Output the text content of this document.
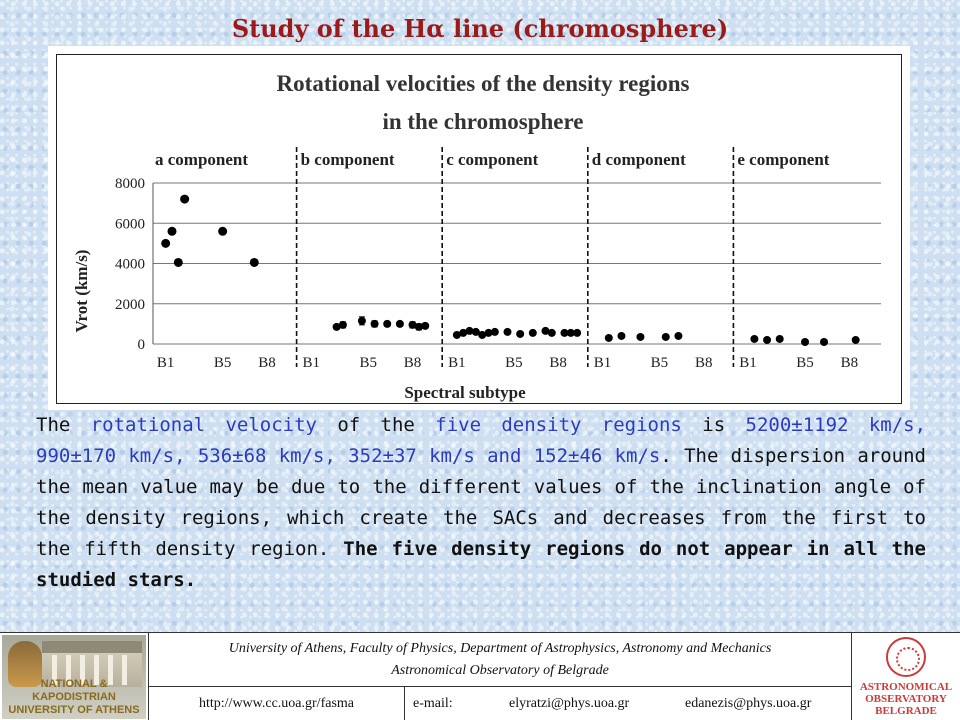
Study of the Hα line (chromosphere)
Rotational velocities of the density regions
in the chromosphere
a component
B1	B5 B8
b component
B1	B5 B8
c component
B1	B5 B8
d component
B1	B5 B8
e component
B1	B5 B8
0
2000
4000
6000
8000
Vrot (km/s)
Spectral subtype
The rotational velocity of the five density regions is 5200±1192 km/s, 990±170 km/s, 536±68 km/s, 352±37 km/s and 152±46 km/s. The dispersion around the mean value may be due to the different values of the inclination angle of the density regions, which create the SACs and decreases from the first to the fifth density region. The five density regions do not appear in all the studied stars.
NATIONAL & KAPODISTRIAN
UNIVERSITY OF ATHENS
University of Athens, Faculty of Physics, Department of Astrophysics, Astronomy and Mechanics
Astronomical Observatory of Belgrade
http://www.cc.uoa.gr/fasma	e-mail:	elyratzi@phys.uoa.gr	edanezis@phys.uoa.gr
ASTRONOMICAL
OBSERVATORY
BELGRADE
